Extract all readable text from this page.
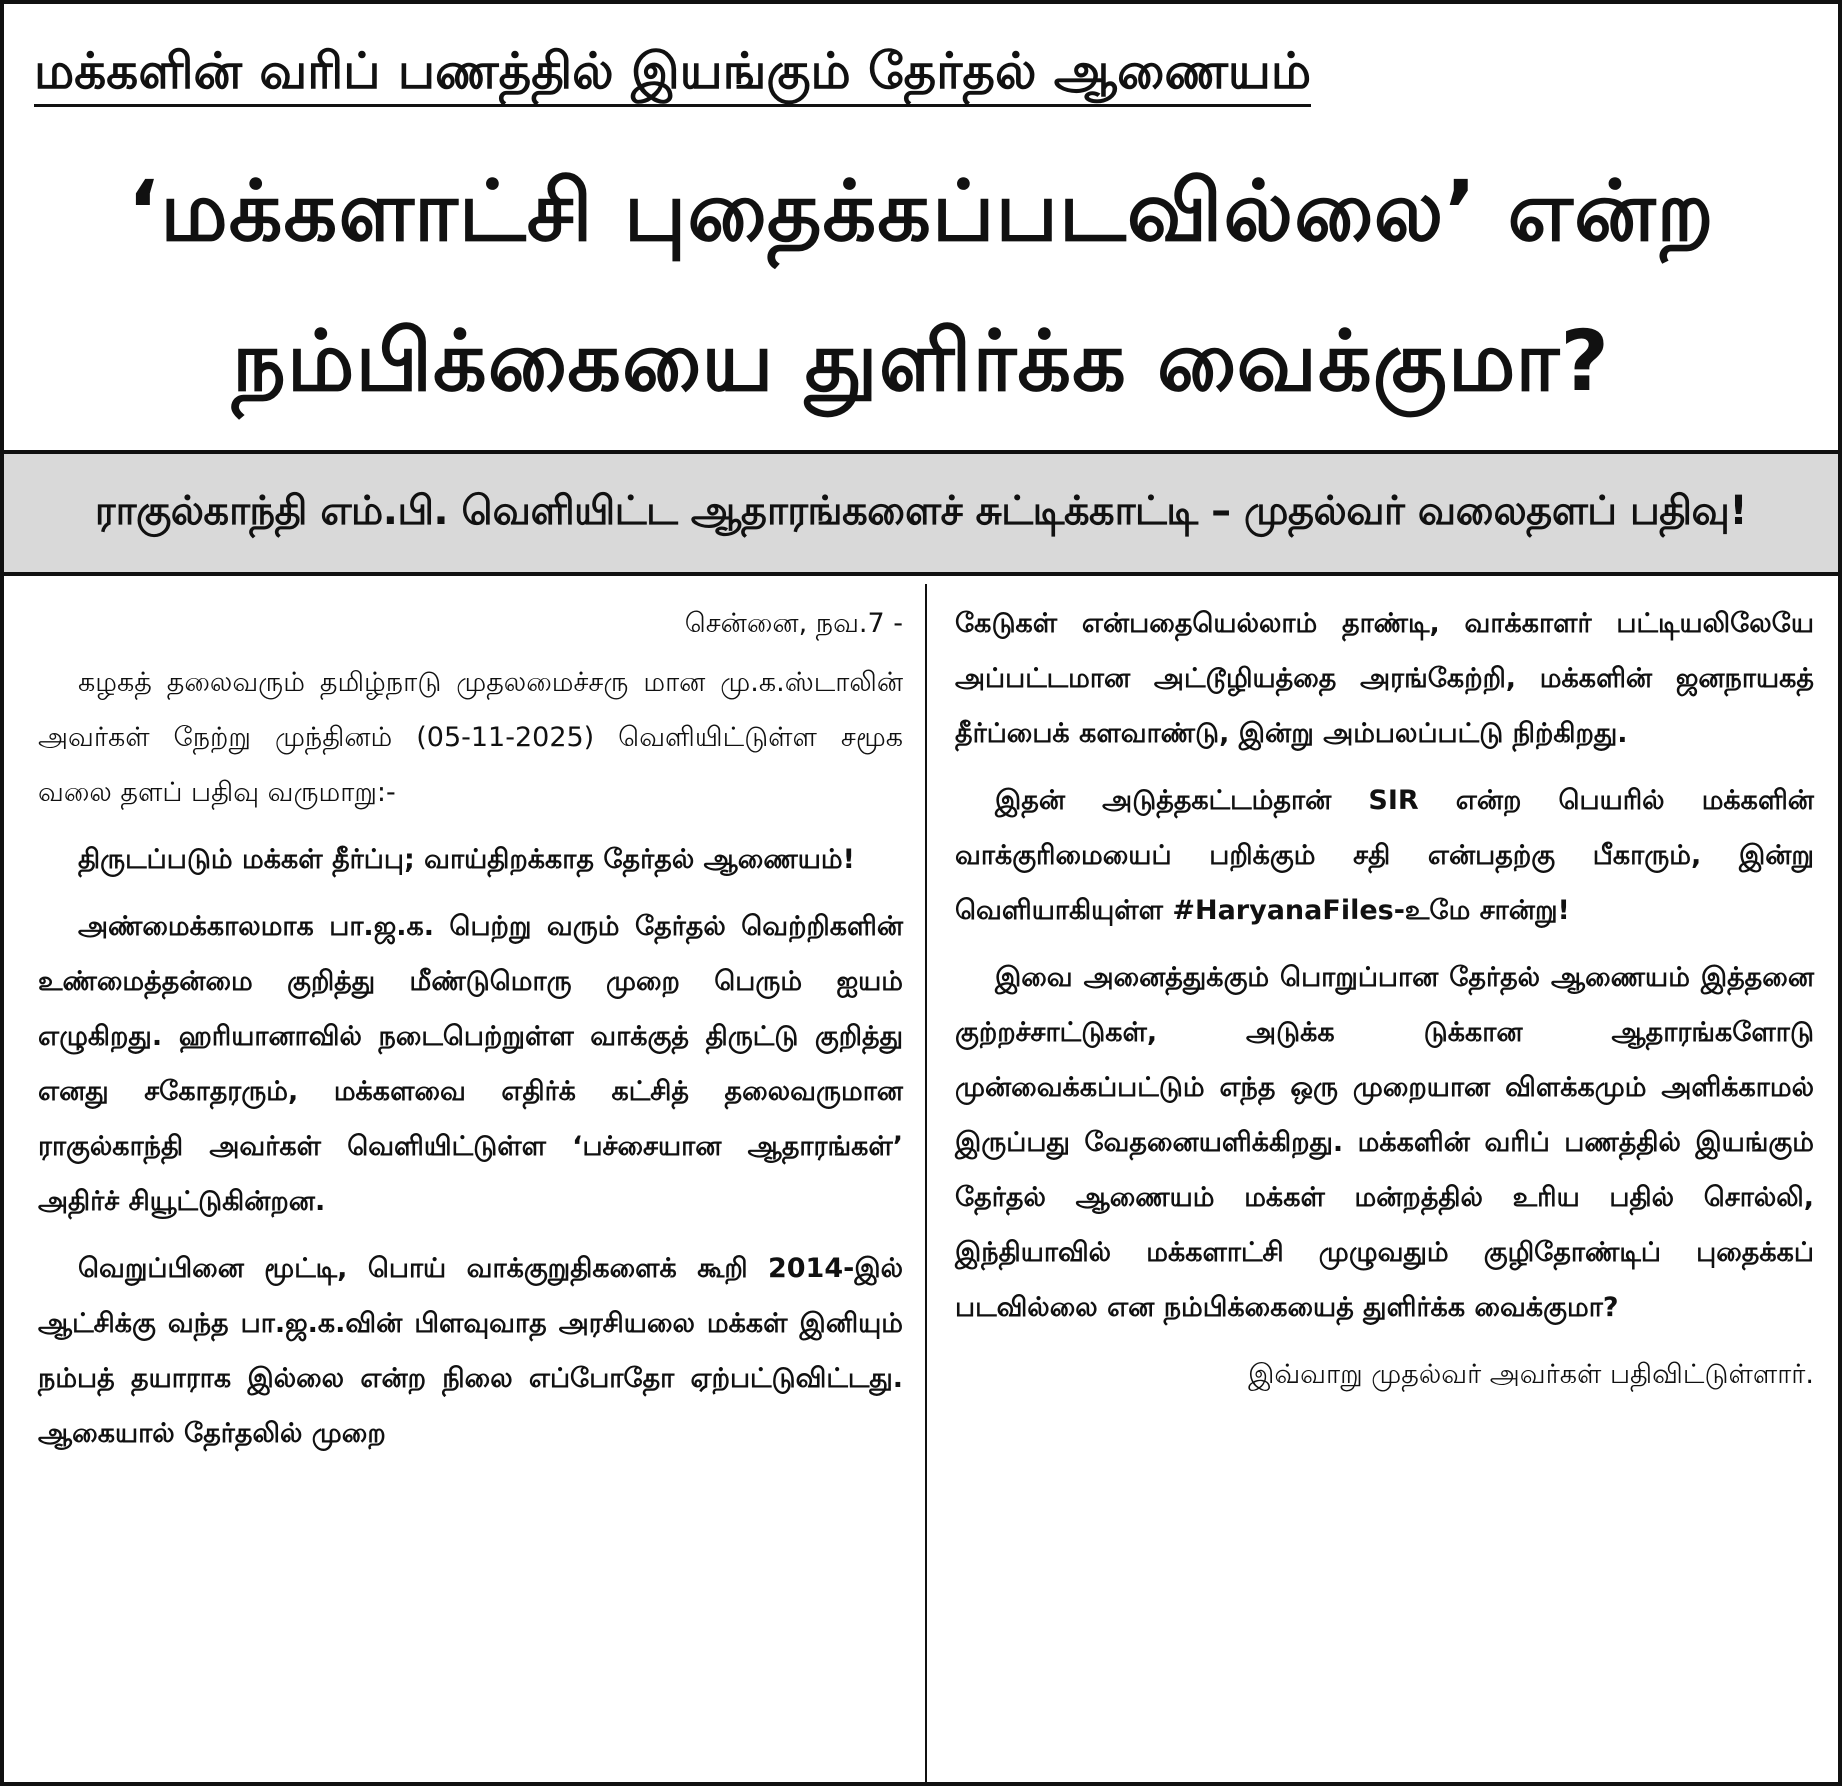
மக்களின் வரிப் பணத்தில் இயங்கும் தேர்தல் ஆணையம்
‘மக்களாட்சி புதைக்கப்படவில்லை’ என்ற
நம்பிக்கையை துளிர்க்க வைக்குமா?
ராகுல்காந்தி எம்.பி. வெளியிட்ட ஆதாரங்களைச் சுட்டிக்காட்டி – முதல்வர் வலைதளப் பதிவு!

சென்னை, நவ.7 -

கழகத் தலைவரும் தமிழ்நாடு முதலமைச்சரு மான மு.க.ஸ்டாலின் அவர்கள் நேற்று முந்தினம் (05-11-2025) வெளியிட்டுள்ள சமூக வலை தளப் பதிவு வருமாறு:-

திருடப்படும் மக்கள் தீர்ப்பு; வாய்திறக்காத தேர்தல் ஆணையம்!

அண்மைக்காலமாக பா.ஜ.க. பெற்று வரும் தேர்தல் வெற்றிகளின் உண்மைத்தன்மை குறித்து மீண்டுமொரு முறை பெரும் ஐயம் எழுகிறது. ஹரியானாவில் நடைபெற்றுள்ள வாக்குத் திருட்டு குறித்து எனது சகோதரரும், மக்களவை எதிர்க் கட்சித் தலைவருமான ராகுல்காந்தி அவர்கள் வெளியிட்டுள்ள ‘பச்சையான ஆதாரங்கள்’ அதிர்ச் சியூட்டுகின்றன.

வெறுப்பினை மூட்டி, பொய் வாக்குறுதிகளைக் கூறி 2014-இல் ஆட்சிக்கு வந்த பா.ஜ.க.வின் பிளவுவாத அரசியலை மக்கள் இனியும் நம்பத் தயாராக இல்லை என்ற நிலை எப்போதோ ஏற்பட்டுவிட்டது. ஆகையால் தேர்தலில் முறை

கேடுகள் என்பதையெல்லாம் தாண்டி, வாக்காளர் பட்டியலிலேயே அப்பட்டமான அட்டூழியத்தை அரங்கேற்றி, மக்களின் ஜனநாயகத் தீர்ப்பைக் களவாண்டு, இன்று அம்பலப்பட்டு நிற்கிறது.

இதன் அடுத்தகட்டம்தான் SIR என்ற பெயரில் மக்களின் வாக்குரிமையைப் பறிக்கும் சதி என்பதற்கு பீகாரும், இன்று வெளியாகியுள்ள #HaryanaFiles-உமே சான்று!

இவை அனைத்துக்கும் பொறுப்பான தேர்தல் ஆணையம் இத்தனை குற்றச்சாட்டுகள், அடுக்க டுக்கான ஆதாரங்களோடு முன்வைக்கப்பட்டும் எந்த ஒரு முறையான விளக்கமும் அளிக்காமல் இருப்பது வேதனையளிக்கிறது. மக்களின் வரிப் பணத்தில் இயங்கும் தேர்தல் ஆணையம் மக்கள் மன்றத்தில் உரிய பதில் சொல்லி, இந்தியாவில் மக்களாட்சி முழுவதும் குழிதோண்டிப் புதைக்கப் படவில்லை என நம்பிக்கையைத் துளிர்க்க வைக்குமா?

இவ்வாறு முதல்வர் அவர்கள் பதிவிட்டுள்ளார்.
